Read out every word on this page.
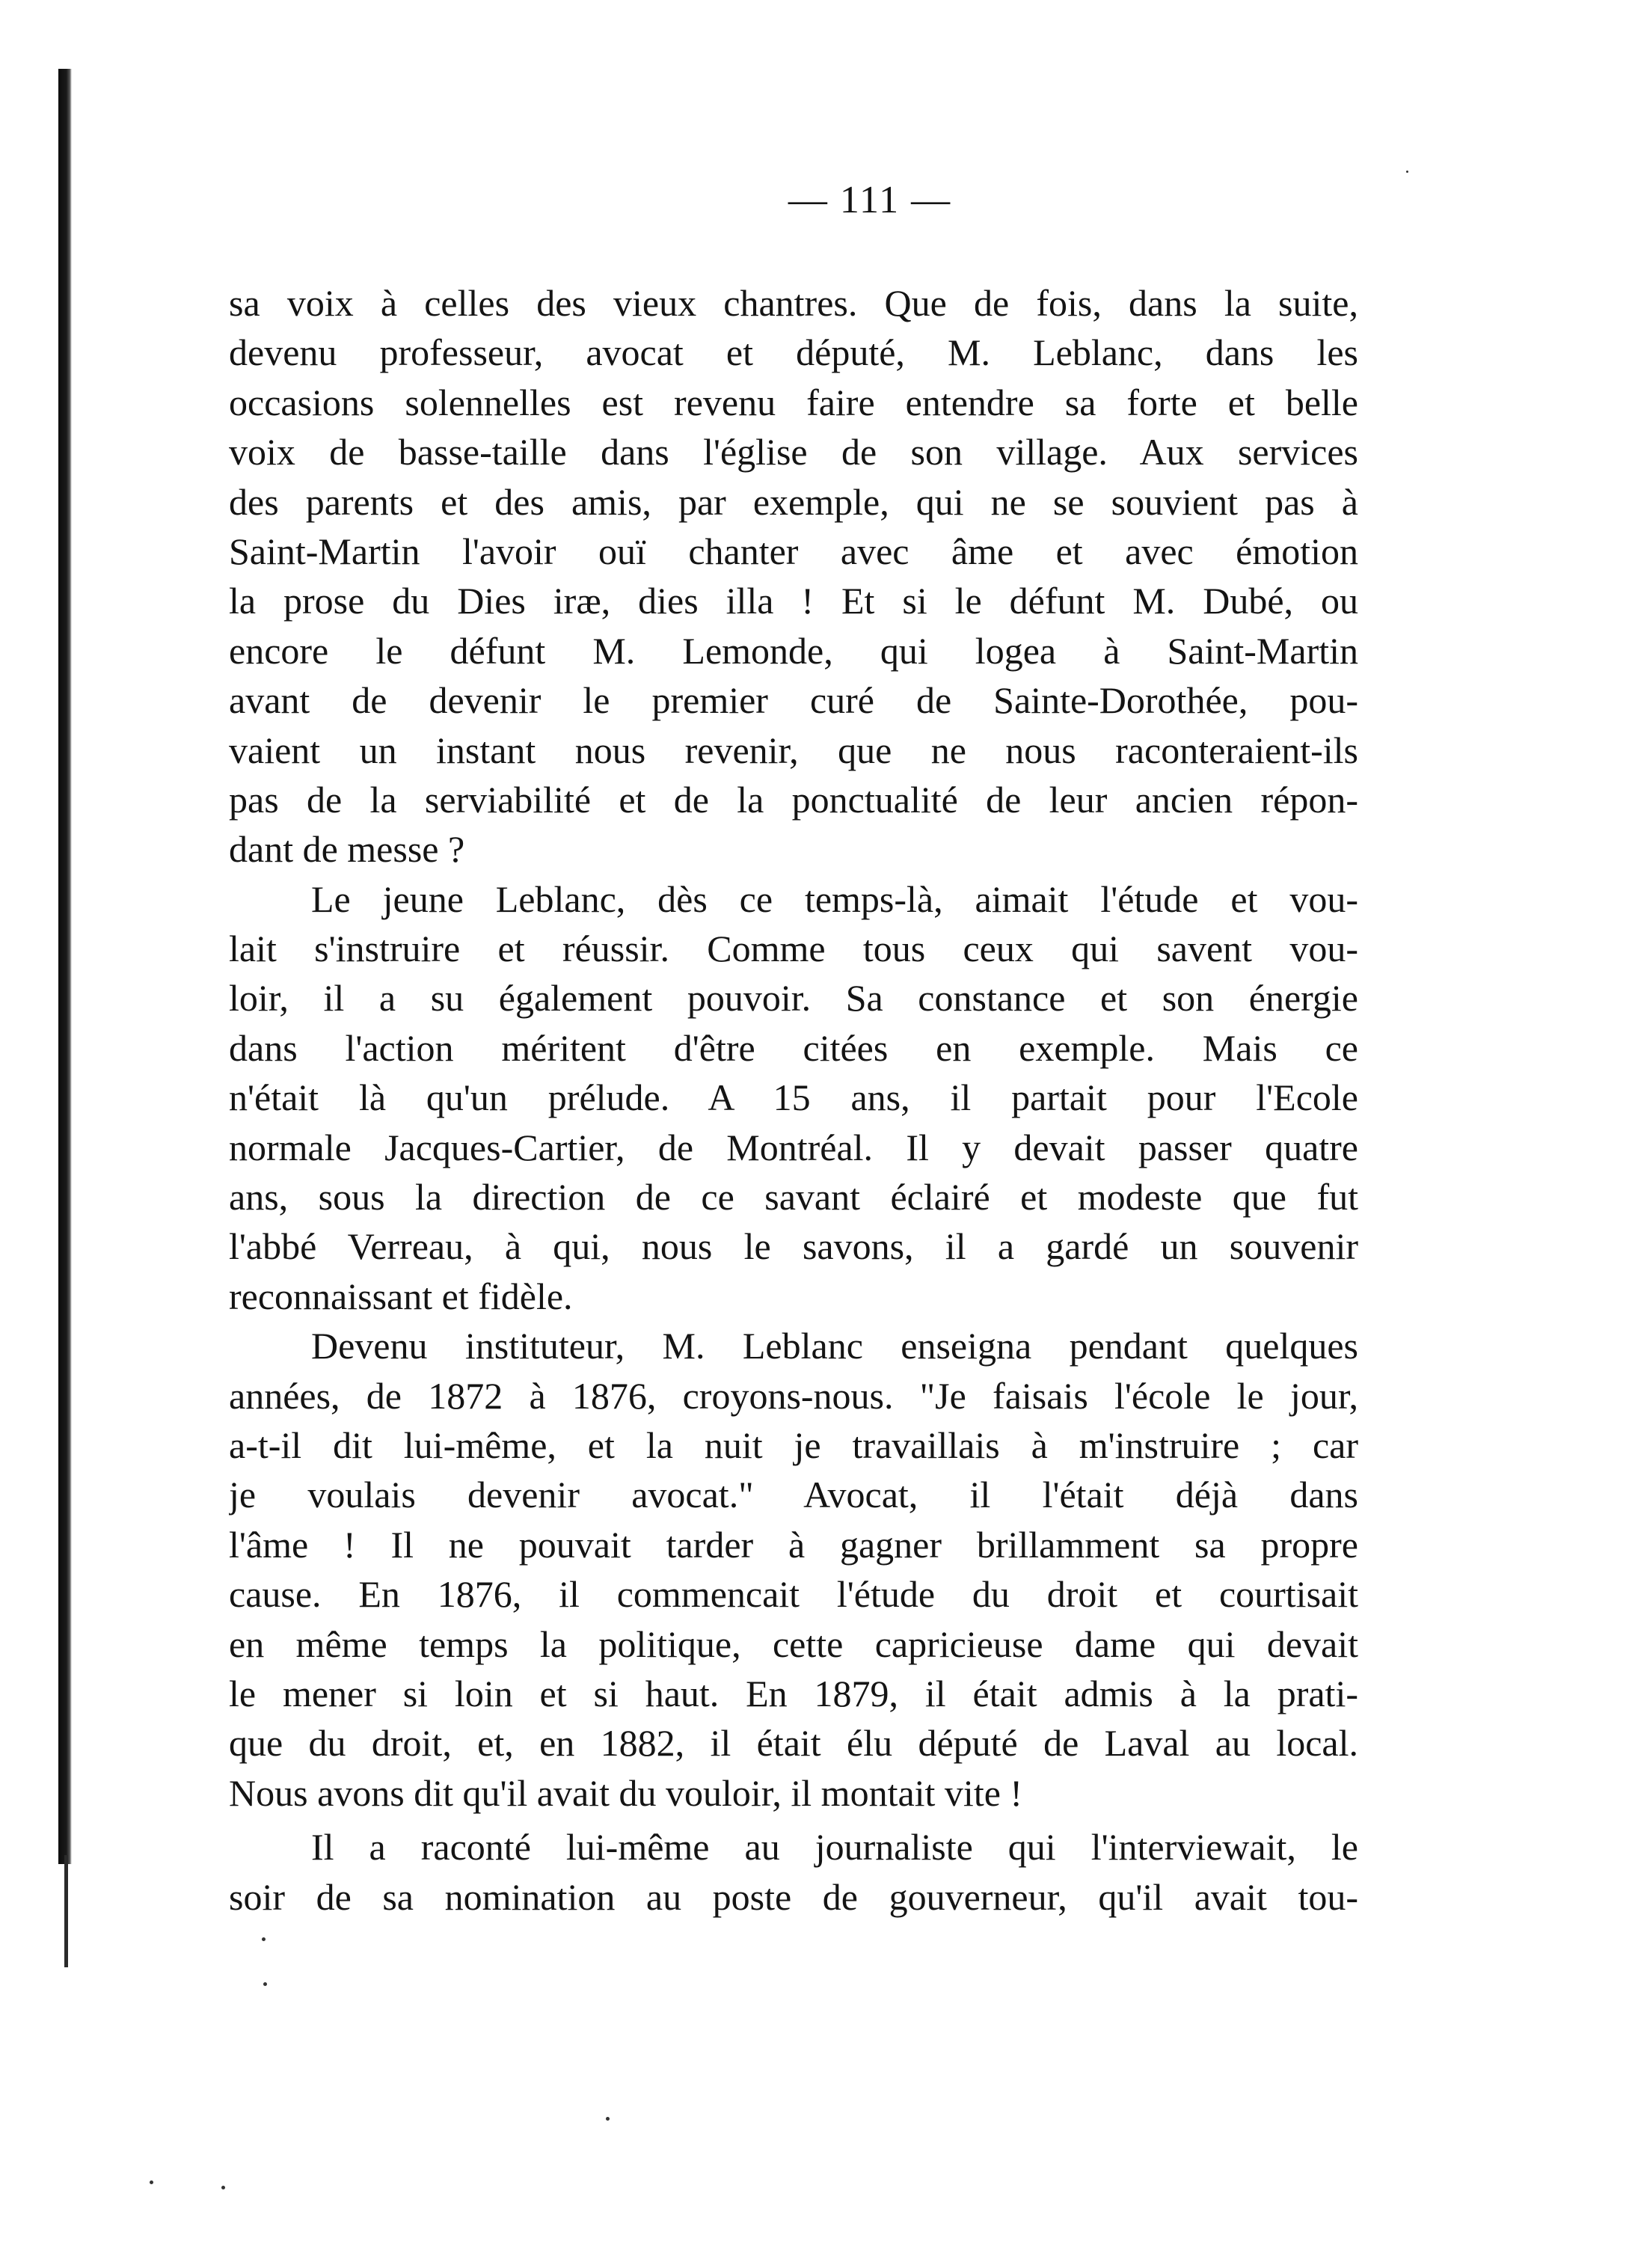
— 111 —
sa voix à celles des vieux chantres. Que de fois, dans la suite,
devenu professeur, avocat et député, M. Leblanc, dans les
occasions solennelles est revenu faire entendre sa forte et belle
voix de basse-taille dans l'église de son village. Aux services
des parents et des amis, par exemple, qui ne se souvient pas à
Saint-Martin l'avoir ouï chanter avec âme et avec émotion
la prose du Dies iræ, dies illa ! Et si le défunt M. Dubé, ou
encore le défunt M. Lemonde, qui logea à Saint-Martin
avant de devenir le premier curé de Sainte-Dorothée, pou-
vaient un instant nous revenir, que ne nous raconteraient-ils
pas de la serviabilité et de la ponctualité de leur ancien répon-
dant de messe ?
Le jeune Leblanc, dès ce temps-là, aimait l'étude et vou-
lait s'instruire et réussir. Comme tous ceux qui savent vou-
loir, il a su également pouvoir. Sa constance et son énergie
dans l'action méritent d'être citées en exemple. Mais ce
n'était là qu'un prélude. A 15 ans, il partait pour l'Ecole
normale Jacques-Cartier, de Montréal. Il y devait passer quatre
ans, sous la direction de ce savant éclairé et modeste que fut
l'abbé Verreau, à qui, nous le savons, il a gardé un souvenir
reconnaissant et fidèle.
Devenu instituteur, M. Leblanc enseigna pendant quelques
années, de 1872 à 1876, croyons-nous. "Je faisais l'école le jour,
a-t-il dit lui-même, et la nuit je travaillais à m'instruire ; car
je voulais devenir avocat." Avocat, il l'était déjà dans
l'âme ! Il ne pouvait tarder à gagner brillamment sa propre
cause. En 1876, il commencait l'étude du droit et courtisait
en même temps la politique, cette capricieuse dame qui devait
le mener si loin et si haut. En 1879, il était admis à la prati-
que du droit, et, en 1882, il était élu député de Laval au local.
Nous avons dit qu'il avait du vouloir, il montait vite !
Il a raconté lui-même au journaliste qui l'interviewait, le
soir de sa nomination au poste de gouverneur, qu'il avait tou-
